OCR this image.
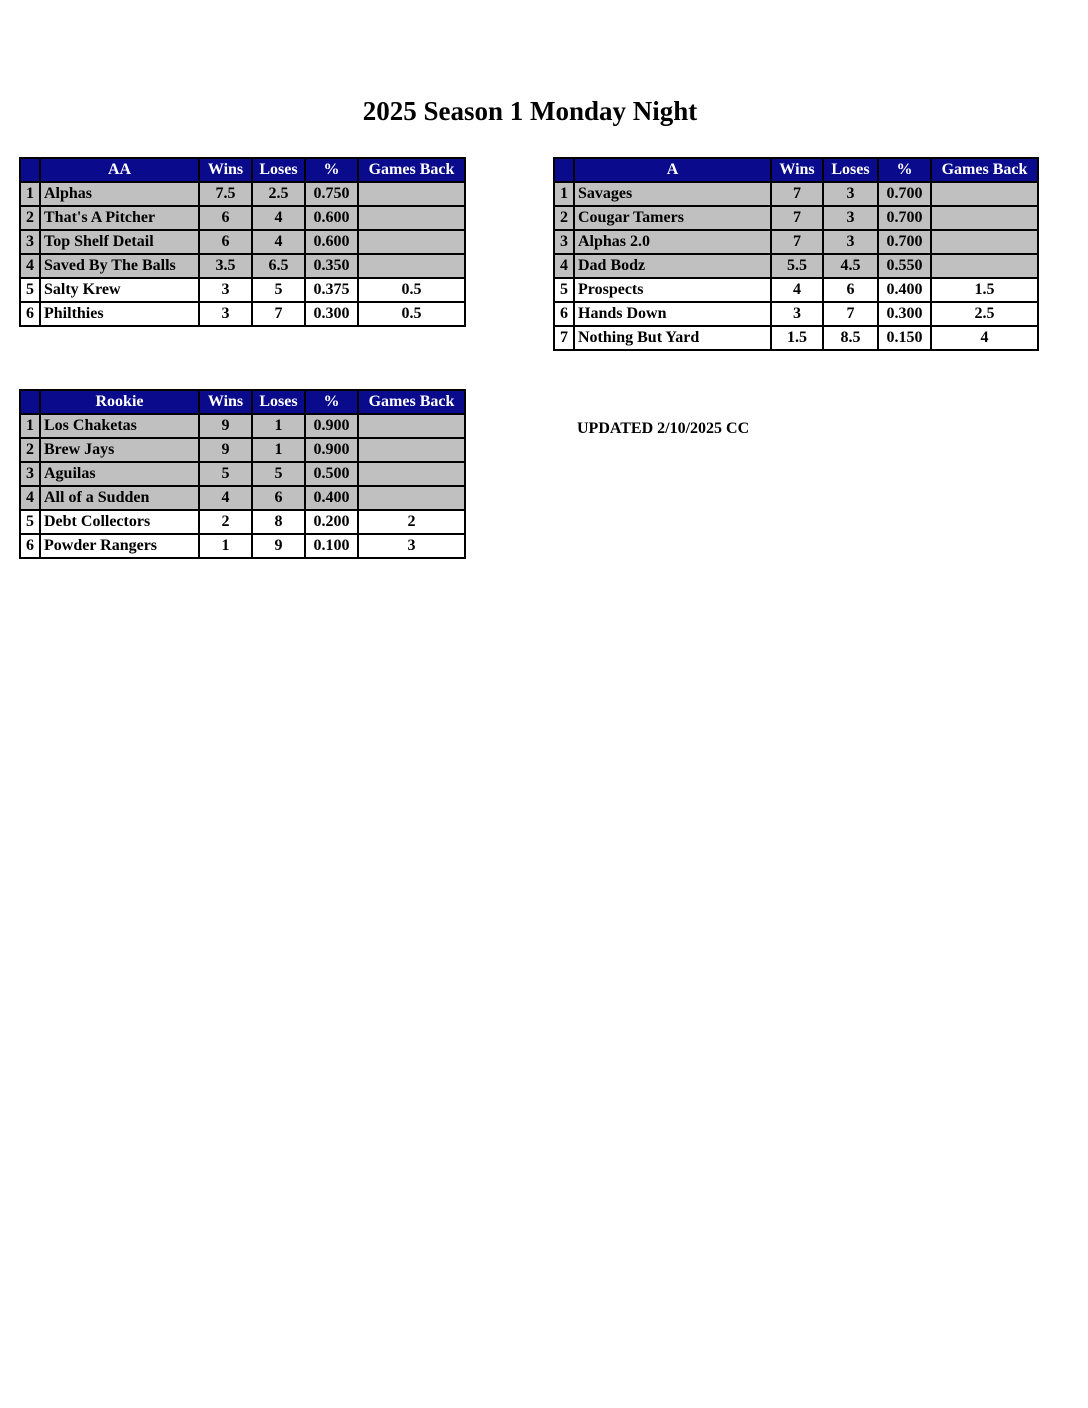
2025 Season 1 Monday Night
	AA	Wins	Loses	%	Games Back
1	Alphas	7.5	2.5	0.750	
2	That's A Pitcher	6	4	0.600	
3	Top Shelf Detail	6	4	0.600	
4	Saved By The Balls	3.5	6.5	0.350	
5	Salty Krew	3	5	0.375	0.5
6	Philthies	3	7	0.300	0.5
	A	Wins	Loses	%	Games Back
1	Savages	7	3	0.700	
2	Cougar Tamers	7	3	0.700	
3	Alphas 2.0	7	3	0.700	
4	Dad Bodz	5.5	4.5	0.550	
5	Prospects	4	6	0.400	1.5
6	Hands Down	3	7	0.300	2.5
7	Nothing But Yard	1.5	8.5	0.150	4
	Rookie	Wins	Loses	%	Games Back
1	Los Chaketas	9	1	0.900	
2	Brew Jays	9	1	0.900	
3	Aguilas	5	5	0.500	
4	All of a Sudden	4	6	0.400	
5	Debt Collectors	2	8	0.200	2
6	Powder Rangers	1	9	0.100	3

UPDATED 2/10/2025 CC
